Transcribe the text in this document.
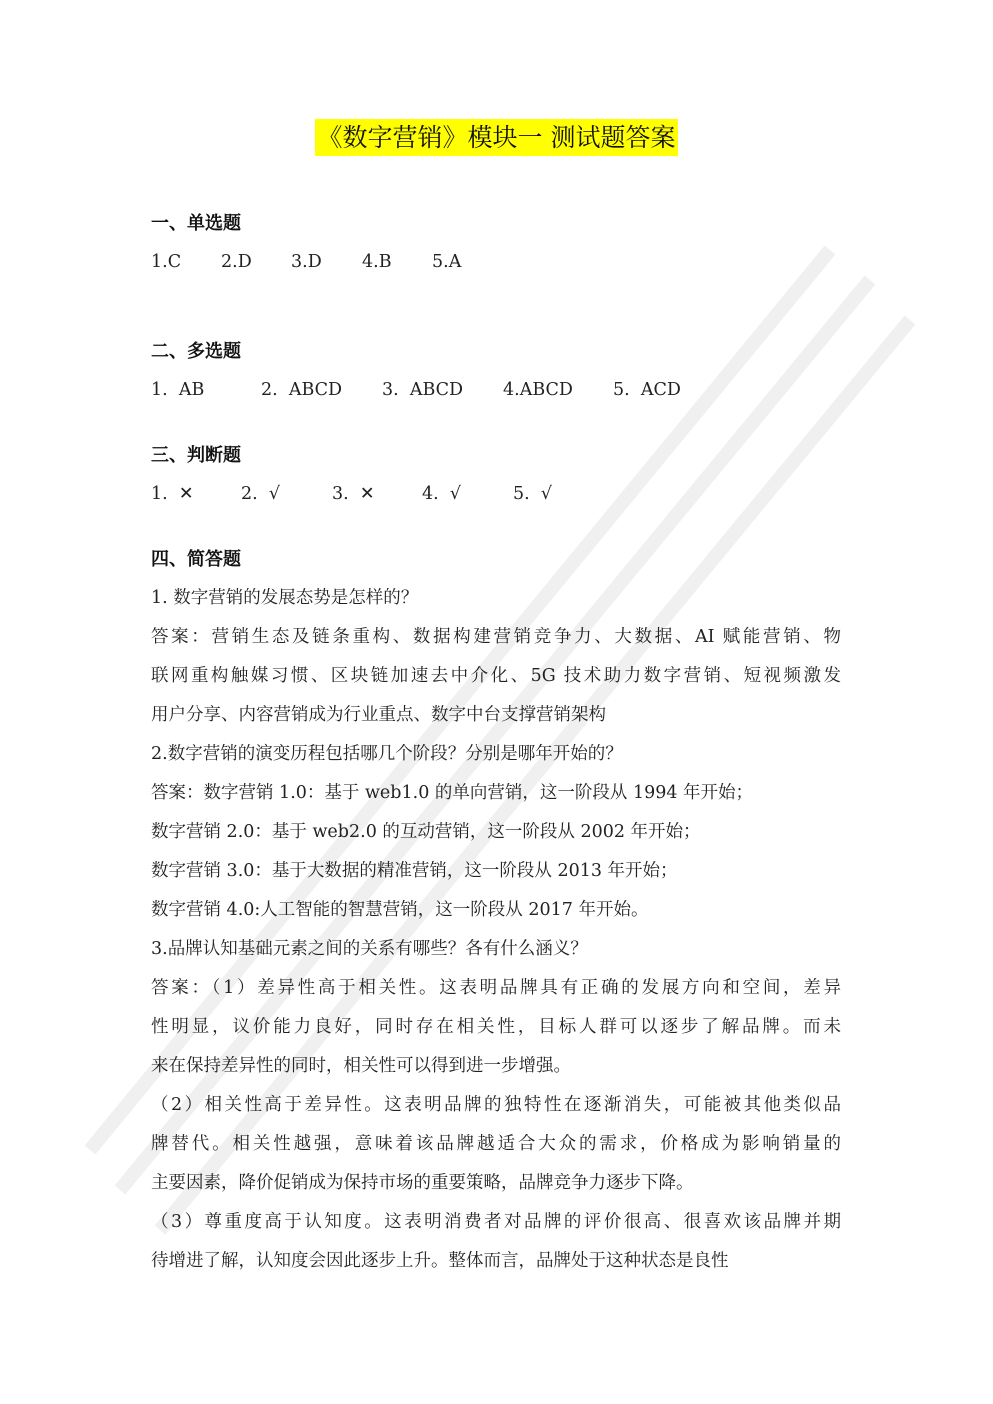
《数字营销》模块一 测试题答案
一、单选题
1.C	2.D	3.D	4.B	5.A
二、多选题
1.  AB	2.  ABCD	3.  ABCD	4.ABCD	5.  ACD
三、判断题
1.  ✕	2.  √	3.  ✕	4.  √	5.  √
四、简答题
1. 数字营销的发展态势是怎样的？
答案：营销生态及链条重构、数据构建营销竞争力、大数据、AI 赋能营销、物
联网重构触媒习惯、区块链加速去中介化、5G 技术助力数字营销、短视频激发
用户分享、内容营销成为行业重点、数字中台支撑营销架构
2.数字营销的演变历程包括哪几个阶段？分别是哪年开始的？
答案：数字营销 1.0：基于 web1.0 的单向营销，这一阶段从 1994 年开始；
数字营销 2.0：基于 web2.0 的互动营销，这一阶段从 2002 年开始；
数字营销 3.0：基于大数据的精准营销，这一阶段从 2013 年开始；
数字营销 4.0:人工智能的智慧营销，这一阶段从 2017 年开始。
3.品牌认知基础元素之间的关系有哪些？各有什么涵义？
答案：（1）差异性高于相关性。这表明品牌具有正确的发展方向和空间，差异
性明显，议价能力良好，同时存在相关性，目标人群可以逐步了解品牌。而未
来在保持差异性的同时，相关性可以得到进一步增强。
（2）相关性高于差异性。这表明品牌的独特性在逐渐消失，可能被其他类似品
牌替代。相关性越强，意味着该品牌越适合大众的需求，价格成为影响销量的
主要因素，降价促销成为保持市场的重要策略，品牌竞争力逐步下降。
（3）尊重度高于认知度。这表明消费者对品牌的评价很高、很喜欢该品牌并期
待增进了解，认知度会因此逐步上升。整体而言，品牌处于这种状态是良性
